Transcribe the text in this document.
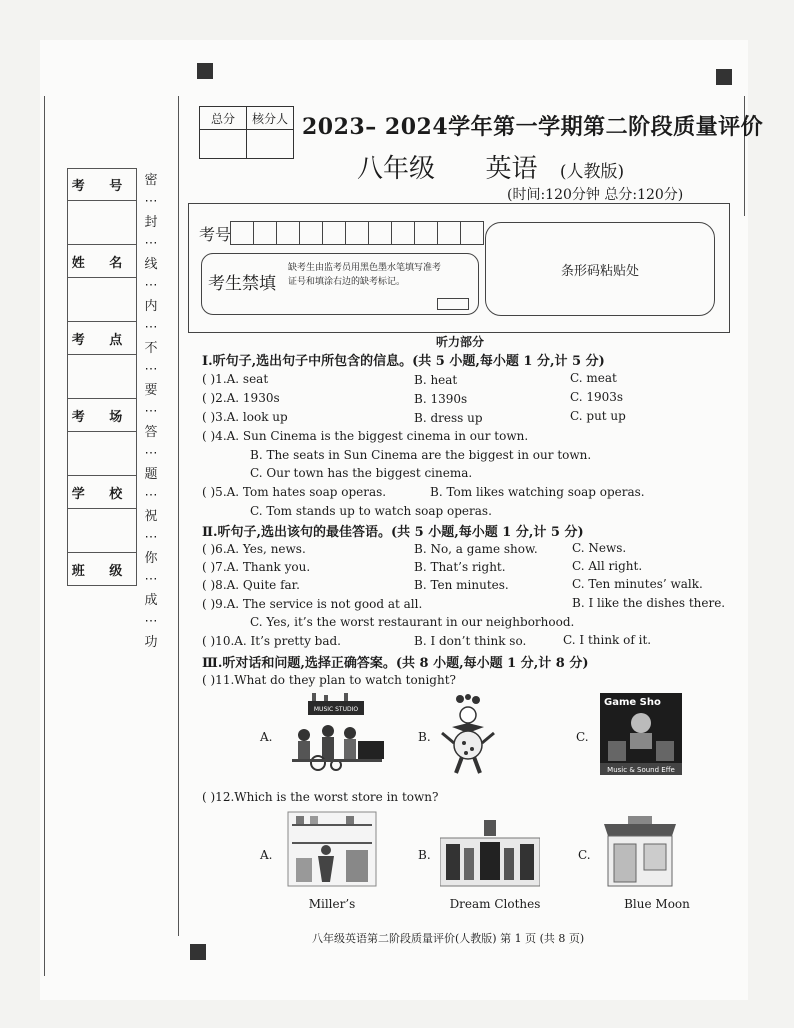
考 号
姓 名
考 点
考 场
学 校
班 级
密
⋯
封
⋯
线
⋯
内
⋯
不
⋯
要
⋯
答
⋯
题
⋯
祝
⋯
你
⋯
成
⋯
功
总分	核分人
	2023– 2024学年第一学期第二阶段质量评价
八年级 英语 (人教版)
(时间:120分钟 总分:120分)
考号
考生禁填
缺考生由监考员用黑色墨水笔填写准考证号和填涂右边的缺考标记。
条形码粘贴处
听力部分
Ⅰ.听句子,选出句子中所包含的信息。(共 5 小题,每小题 1 分,计 5 分)
( )1.A. seat	B. heat	C. meat
( )2.A. 1930s	B. 1390s	C. 1903s
( )3.A. look up	B. dress up	C. put up
( )4.A. Sun Cinema is the biggest cinema in our town.
B. The seats in Sun Cinema are the biggest in our town.
C. Our town has the biggest cinema.
( )5.A. Tom hates soap operas.	B. Tom likes watching soap operas.
C. Tom stands up to watch soap operas.
Ⅱ.听句子,选出该句的最佳答语。(共 5 小题,每小题 1 分,计 5 分)
( )6.A. Yes, news.	B. No, a game show.	C. News.
( )7.A. Thank you.	B. That’s right.	C. All right.
( )8.A. Quite far.	B. Ten minutes.	C. Ten minutes’ walk.
( )9.A. The service is not good at all.	B. I like the dishes there.
C. Yes, it’s the worst restaurant in our neighborhood.
( )10.A. It’s pretty bad.	B. I don’t think so.	C. I think of it.
Ⅲ.听对话和问题,选择正确答案。(共 8 小题,每小题 1 分,计 8 分)
( )11.What do they plan to watch tonight?
A.
MUSIC STUDIO
B.	C.
Game Sho
Music & Sound Effe
( )12.Which is the worst store in town?
A.
Miller’s
B.
Dream Clothes
C.
Blue Moon
八年级英语第二阶段质量评价(人教版) 第 1 页 (共 8 页)
